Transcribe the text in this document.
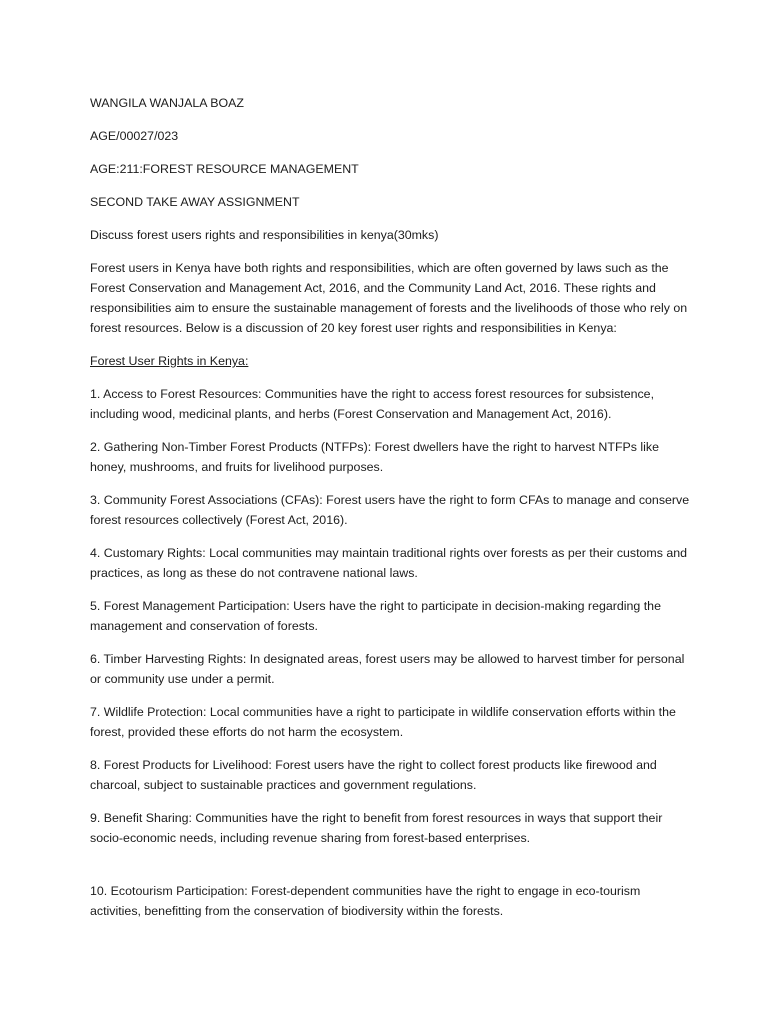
WANGILA WANJALA BOAZ

AGE/00027/023

AGE:211:FOREST RESOURCE MANAGEMENT

SECOND TAKE AWAY ASSIGNMENT

Discuss forest users rights and responsibilities in kenya(30mks)

Forest users in Kenya have both rights and responsibilities, which are often governed by laws such as the Forest Conservation and Management Act, 2016, and the Community Land Act, 2016. These rights and responsibilities aim to ensure the sustainable management of forests and the livelihoods of those who rely on forest resources. Below is a discussion of 20 key forest user rights and responsibilities in Kenya:

Forest User Rights in Kenya:

1. Access to Forest Resources: Communities have the right to access forest resources for subsistence, including wood, medicinal plants, and herbs (Forest Conservation and Management Act, 2016).

2. Gathering Non-Timber Forest Products (NTFPs): Forest dwellers have the right to harvest NTFPs like honey, mushrooms, and fruits for livelihood purposes.

3. Community Forest Associations (CFAs): Forest users have the right to form CFAs to manage and conserve forest resources collectively (Forest Act, 2016).

4. Customary Rights: Local communities may maintain traditional rights over forests as per their customs and practices, as long as these do not contravene national laws.

5. Forest Management Participation: Users have the right to participate in decision-making regarding the management and conservation of forests.

6. Timber Harvesting Rights: In designated areas, forest users may be allowed to harvest timber for personal or community use under a permit.

7. Wildlife Protection: Local communities have a right to participate in wildlife conservation efforts within the forest, provided these efforts do not harm the ecosystem.

8. Forest Products for Livelihood: Forest users have the right to collect forest products like firewood and charcoal, subject to sustainable practices and government regulations.

9. Benefit Sharing: Communities have the right to benefit from forest resources in ways that support their socio-economic needs, including revenue sharing from forest-based enterprises.

10. Ecotourism Participation: Forest-dependent communities have the right to engage in eco-tourism activities, benefitting from the conservation of biodiversity within the forests.
